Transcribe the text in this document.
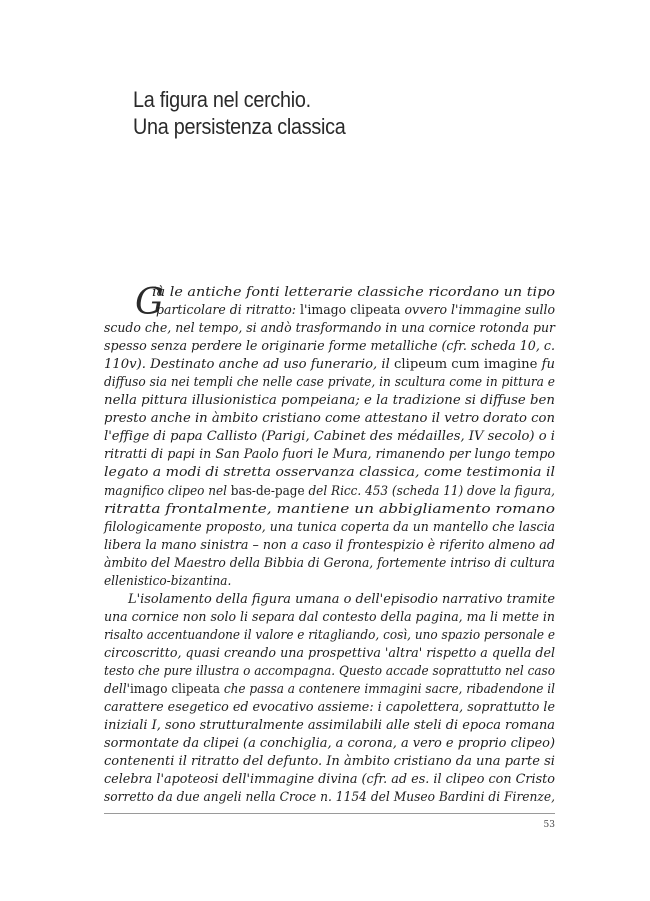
La figura nel cerchio.
Una persistenza classica
G
ià le antiche fonti letterarie classiche ricordano un tipo
particolare di ritratto: l'imago clipeata ovvero l'immagine sullo
scudo che, nel tempo, si andò trasformando in una cornice rotonda pur
spesso senza perdere le originarie forme metalliche (cfr. scheda 10, c.
110v). Destinato anche ad uso funerario, il clipeum cum imagine fu
diffuso sia nei templi che nelle case private, in scultura come in pittura e
nella pittura illusionistica pompeiana; e la tradizione si diffuse ben
presto anche in àmbito cristiano come attestano il vetro dorato con
l'effige di papa Callisto (Parigi, Cabinet des médailles, IV secolo) o i
ritratti di papi in San Paolo fuori le Mura, rimanendo per lungo tempo
legato a modi di stretta osservanza classica, come testimonia il
magnifico clipeo nel bas-de-page del Ricc. 453 (scheda 11) dove la figura,
ritratta frontalmente, mantiene un abbigliamento romano
filologicamente proposto, una tunica coperta da un mantello che lascia
libera la mano sinistra – non a caso il frontespizio è riferito almeno ad
àmbito del Maestro della Bibbia di Gerona, fortemente intriso di cultura
ellenistico-bizantina.
L'isolamento della figura umana o dell'episodio narrativo tramite
una cornice non solo li separa dal contesto della pagina, ma li mette in
risalto accentuandone il valore e ritagliando, così, uno spazio personale e
circoscritto, quasi creando una prospettiva 'altra' rispetto a quella del
testo che pure illustra o accompagna. Questo accade soprattutto nel caso
dell'imago clipeata che passa a contenere immagini sacre, ribadendone il
carattere esegetico ed evocativo assieme: i capolettera, soprattutto le
iniziali I, sono strutturalmente assimilabili alle steli di epoca romana
sormontate da clipei (a conchiglia, a corona, a vero e proprio clipeo)
contenenti il ritratto del defunto. In àmbito cristiano da una parte si
celebra l'apoteosi dell'immagine divina (cfr. ad es. il clipeo con Cristo
sorretto da due angeli nella Croce n. 1154 del Museo Bardini di Firenze,
53
